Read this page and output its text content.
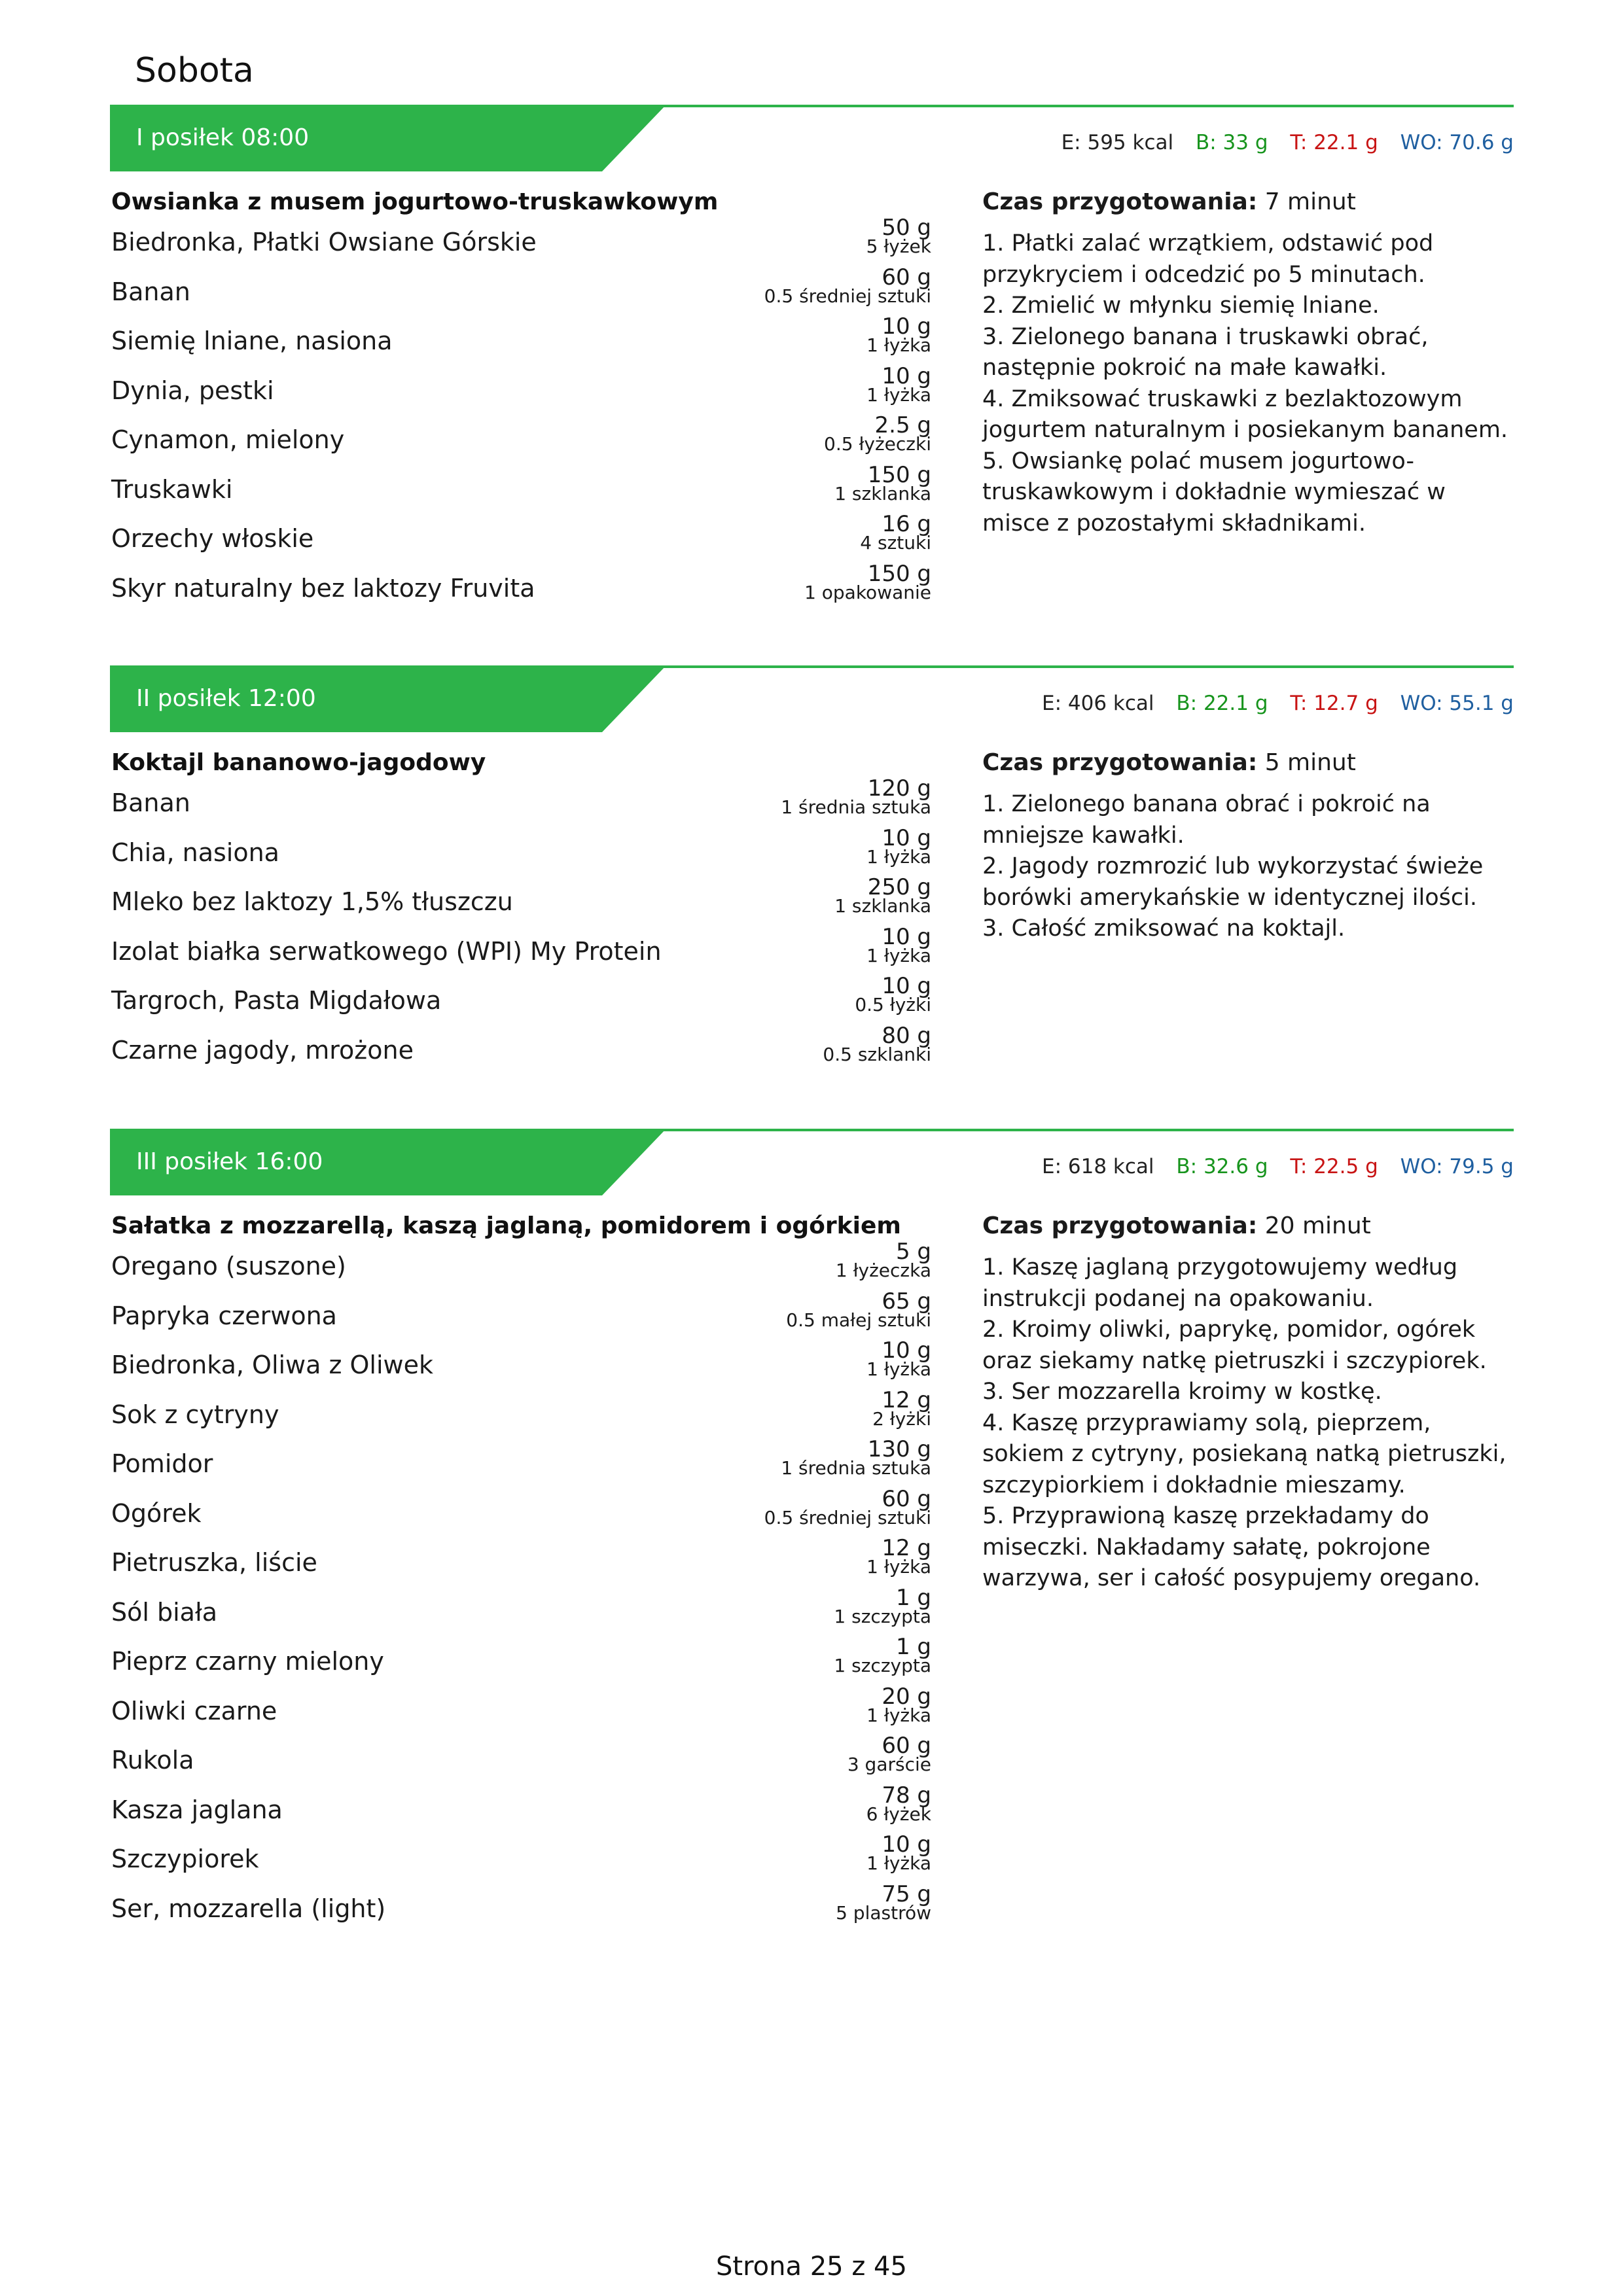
Sobota
I posiłek 08:00	E: 595 kcal B: 33 g T: 22.1 g WO: 70.6 g
Owsianka z musem jogurtowo-truskawkowym
Biedronka, Płatki Owsiane Górskie	50 g
5 łyżek
Banan	60 g
0.5 średniej sztuki
Siemię lniane, nasiona	10 g
1 łyżka
Dynia, pestki	10 g
1 łyżka
Cynamon, mielony	2.5 g
0.5 łyżeczki
Truskawki	150 g
1 szklanka
Orzechy włoskie	16 g
4 sztuki
Skyr naturalny bez laktozy Fruvita	150 g
1 opakowanie
Czas przygotowania: 7 minut
1. Płatki zalać wrzątkiem, odstawić pod przykryciem i odcedzić po 5 minutach.
2. Zmielić w młynku siemię lniane.
3. Zielonego banana i truskawki obrać, następnie pokroić na małe kawałki.
4. Zmiksować truskawki z bezlaktozowym jogurtem naturalnym i posiekanym bananem.
5. Owsiankę polać musem jogurtowo-truskawkowym i dokładnie wymieszać w misce z pozostałymi składnikami.
II posiłek 12:00	E: 406 kcal B: 22.1 g T: 12.7 g WO: 55.1 g
Koktajl bananowo-jagodowy
Banan	120 g
1 średnia sztuka
Chia, nasiona	10 g
1 łyżka
Mleko bez laktozy 1,5% tłuszczu	250 g
1 szklanka
Izolat białka serwatkowego (WPI) My Protein	10 g
1 łyżka
Targroch, Pasta Migdałowa	10 g
0.5 łyżki
Czarne jagody, mrożone	80 g
0.5 szklanki
Czas przygotowania: 5 minut
1. Zielonego banana obrać i pokroić na mniejsze kawałki.
2. Jagody rozmrozić lub wykorzystać świeże borówki amerykańskie w identycznej ilości.
3. Całość zmiksować na koktajl.
III posiłek 16:00	E: 618 kcal B: 32.6 g T: 22.5 g WO: 79.5 g
Sałatka z mozzarellą, kaszą jaglaną, pomidorem i ogórkiem
Oregano (suszone)	5 g
1 łyżeczka
Papryka czerwona	65 g
0.5 małej sztuki
Biedronka, Oliwa z Oliwek	10 g
1 łyżka
Sok z cytryny	12 g
2 łyżki
Pomidor	130 g
1 średnia sztuka
Ogórek	60 g
0.5 średniej sztuki
Pietruszka, liście	12 g
1 łyżka
Sól biała	1 g
1 szczypta
Pieprz czarny mielony	1 g
1 szczypta
Oliwki czarne	20 g
1 łyżka
Rukola	60 g
3 garście
Kasza jaglana	78 g
6 łyżek
Szczypiorek	10 g
1 łyżka
Ser, mozzarella (light)	75 g
5 plastrów
Czas przygotowania: 20 minut
1. Kaszę jaglaną przygotowujemy według instrukcji podanej na opakowaniu.
2. Kroimy oliwki, paprykę, pomidor, ogórek oraz siekamy natkę pietruszki i szczypiorek.
3. Ser mozzarella kroimy w kostkę.
4. Kaszę przyprawiamy solą, pieprzem, sokiem z cytryny, posiekaną natką pietruszki, szczypiorkiem i dokładnie mieszamy.
5. Przyprawioną kaszę przekładamy do miseczki. Nakładamy sałatę, pokrojone warzywa, ser i całość posypujemy oregano.
Strona 25 z 45
